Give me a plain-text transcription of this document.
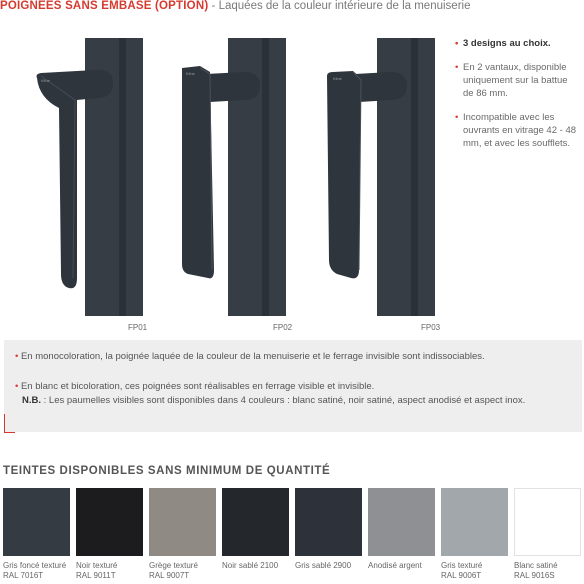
POIGNÉES SANS EMBASE (OPTION) - Laquées de la couleur intérieure de la menuiserie
Kline
FP01
Kline
FP02
Kline
FP03
• 3 designs au choix.
• En 2 vantaux, disponible uniquement sur la battue de 86 mm.
• Incompatible avec les ouvrants en vitrage 42 - 48 mm, et avec les soufflets.
• En monocoloration, la poignée laquée de la couleur de la menuiserie et le ferrage invisible sont indissociables.
• En blanc et bicoloration, ces poignées sont réalisables en ferrage visible et invisible.
N.B. : Les paumelles visibles sont disponibles dans 4 couleurs : blanc satiné, noir satiné, aspect anodisé et aspect inox.
TEINTES DISPONIBLES SANS MINIMUM DE QUANTITÉ
Gris foncé texturé
RAL 7016T
Noir texturé
RAL 9011T
Grège texturé
RAL 9007T
Noir sablé 2100	Gris sablé 2900	Anodisé argent	Gris texturé
RAL 9006T
Blanc satiné
RAL 9016S
